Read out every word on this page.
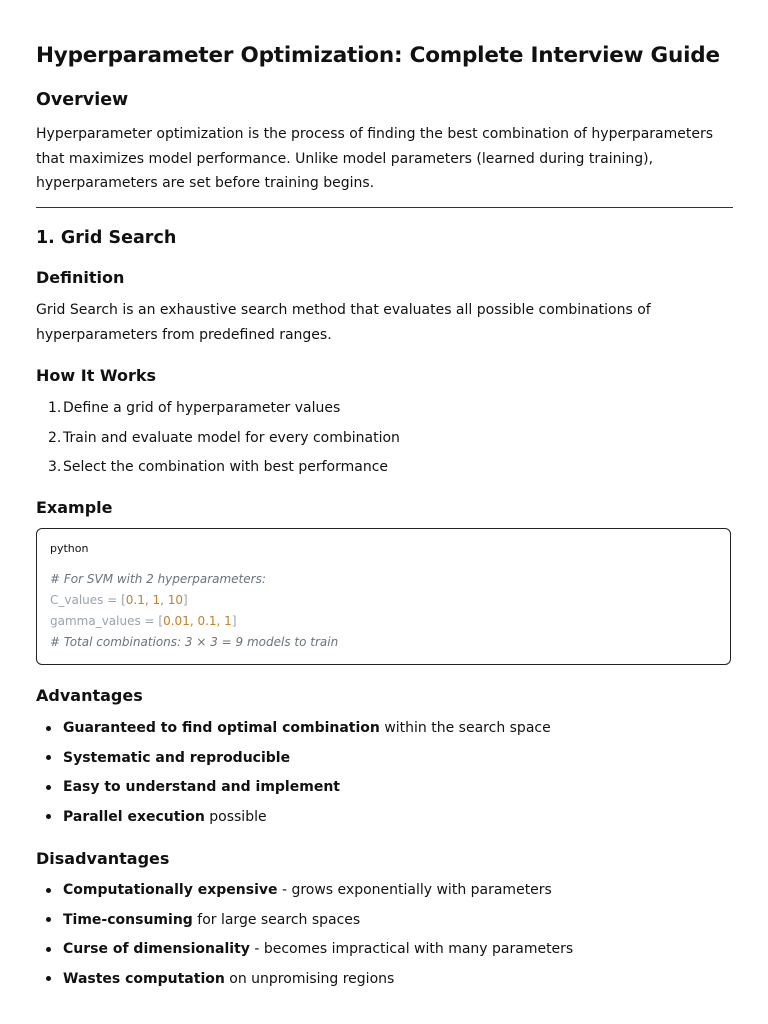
Hyperparameter Optimization: Complete Interview Guide
Overview

Hyperparameter optimization is the process of finding the best combination of hyperparameters that maximizes model performance. Unlike model parameters (learned during training), hyperparameters are set before training begins.

1. Grid Search
Definition

Grid Search is an exhaustive search method that evaluates all possible combinations of hyperparameters from predefined ranges.

How It Works
1. Define a grid of hyperparameter values
2. Train and evaluate model for every combination
3. Select the combination with best performance
Example
python
# For SVM with 2 hyperparameters:
C_values = [0.1, 1, 10]
gamma_values = [0.01, 0.1, 1]
# Total combinations: 3 × 3 = 9 models to train
Advantages
Guaranteed to find optimal combination within the search space
Systematic and reproducible
Easy to understand and implement
Parallel execution possible
Disadvantages
Computationally expensive - grows exponentially with parameters
Time-consuming for large search spaces
Curse of dimensionality - becomes impractical with many parameters
Wastes computation on unpromising regions
